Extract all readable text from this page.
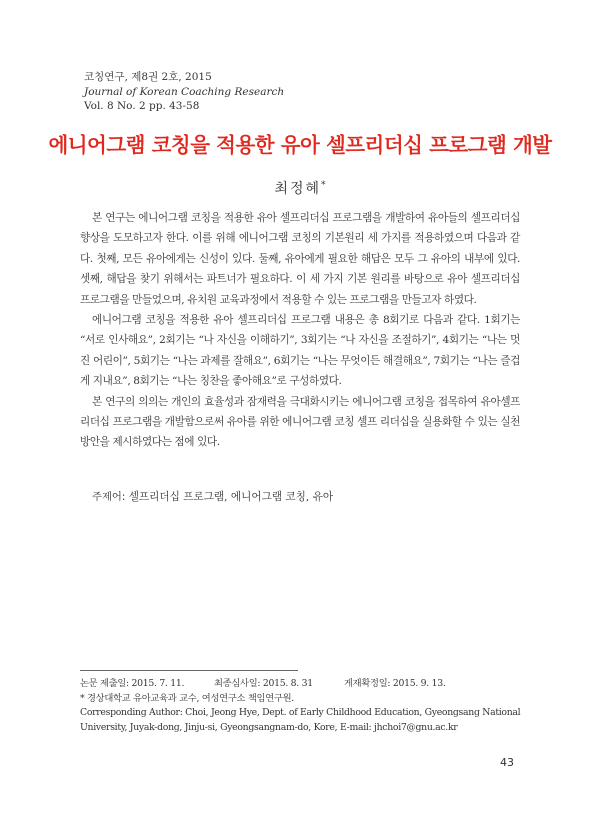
코칭연구, 제8권 2호, 2015
Journal of Korean Coaching Research
Vol. 8 No. 2 pp. 43-58
에니어그램 코칭을 적용한 유아 셀프리더십 프로그램 개발
최정혜*

본 연구는 에니어그램 코칭을 적용한 유아 셀프리더십 프로그램을 개발하여 유아들의 셀프리더십 향상을 도모하고자 한다. 이를 위해 에니어그램 코칭의 기본원리 세 가지를 적용하였으며 다음과 같다. 첫째, 모든 유아에게는 신성이 있다. 둘째, 유아에게 필요한 해답은 모두 그 유아의 내부에 있다. 셋째, 해답을 찾기 위해서는 파트너가 필요하다. 이 세 가지 기본 원리를 바탕으로 유아 셀프리더십 프로그램을 만들었으며, 유치원 교육과정에서 적용할 수 있는 프로그램을 만들고자 하였다.

에니어그램 코칭을 적용한 유아 셀프리더십 프로그램 내용은 총 8회기로 다음과 같다. 1회기는 “서로 인사해요”, 2회기는 “나 자신을 이해하기”, 3회기는 “나 자신을 조절하기”, 4회기는 “나는 멋진 어린이”, 5회기는 “나는 과제를 잘해요”, 6회기는 “나는 무엇이든 해결해요”, 7회기는 “나는 즐겁게 지내요”, 8회기는 “나는 칭찬을 좋아해요”로 구성하였다.

본 연구의 의의는 개인의 효율성과 잠재력을 극대화시키는 에니어그램 코칭을 접목하여 유아셀프 리더십 프로그램을 개발함으로써 유아를 위한 에니어그램 코칭 셀프 리더십을 실용화할 수 있는 실천방안을 제시하였다는 점에 있다.

주제어: 셀프리더십 프로그램, 에니어그램 코칭, 유아
논문 제출일: 2015. 7. 11.	최종심사일: 2015. 8. 31	게재확정일: 2015. 9. 13.
* 경상대학교 유아교육과 교수, 여성연구소 책임연구원.
Corresponding Author: Choi, Jeong Hye, Dept. of Early Childhood Education, Gyeongsang National
University, Juyak-dong, Jinju-si, Gyeongsangnam-do, Kore, E-mail: jhchoi7@gnu.ac.kr
43
